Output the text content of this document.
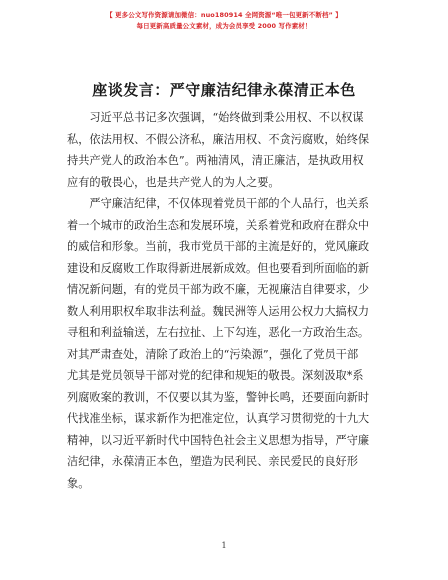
【 更多公文写作资源请加微信：nuo180914 全网资源“唯一包更新不断档” 】
每日更新高质量公文素材，成为会员享受 2000 写作素材！
座谈发言：严守廉洁纪律永葆清正本色

　　习近平总书记多次强调，“始终做到秉公用权、不以权谋

私，依法用权、不假公济私，廉洁用权、不贪污腐败，始终保

持共产党人的政治本色”。两袖清风，清正廉洁，是执政用权

应有的敬畏心，也是共产党人的为人之要。

　　严守廉洁纪律，不仅体现着党员干部的个人品行，也关系

着一个城市的政治生态和发展环境，关系着党和政府在群众中

的威信和形象。当前，我市党员干部的主流是好的，党风廉政

建设和反腐败工作取得新进展新成效。但也要看到所面临的新

情况新问题，有的党员干部为政不廉，无视廉洁自律要求，少

数人利用职权牟取非法利益。魏民洲等人运用公权力大搞权力

寻租和利益输送，左右拉扯、上下勾连，恶化一方政治生态。

对其严肃查处，清除了政治上的“污染源”，强化了党员干部

尤其是党员领导干部对党的纪律和规矩的敬畏。深刻汲取*系

列腐败案的教训，不仅要以其为鉴，警钟长鸣，还要面向新时

代找准坐标，谋求新作为把准定位，认真学习贯彻党的十九大

精神，以习近平新时代中国特色社会主义思想为指导，严守廉

洁纪律，永葆清正本色，塑造为民利民、亲民爱民的良好形

象。

1
